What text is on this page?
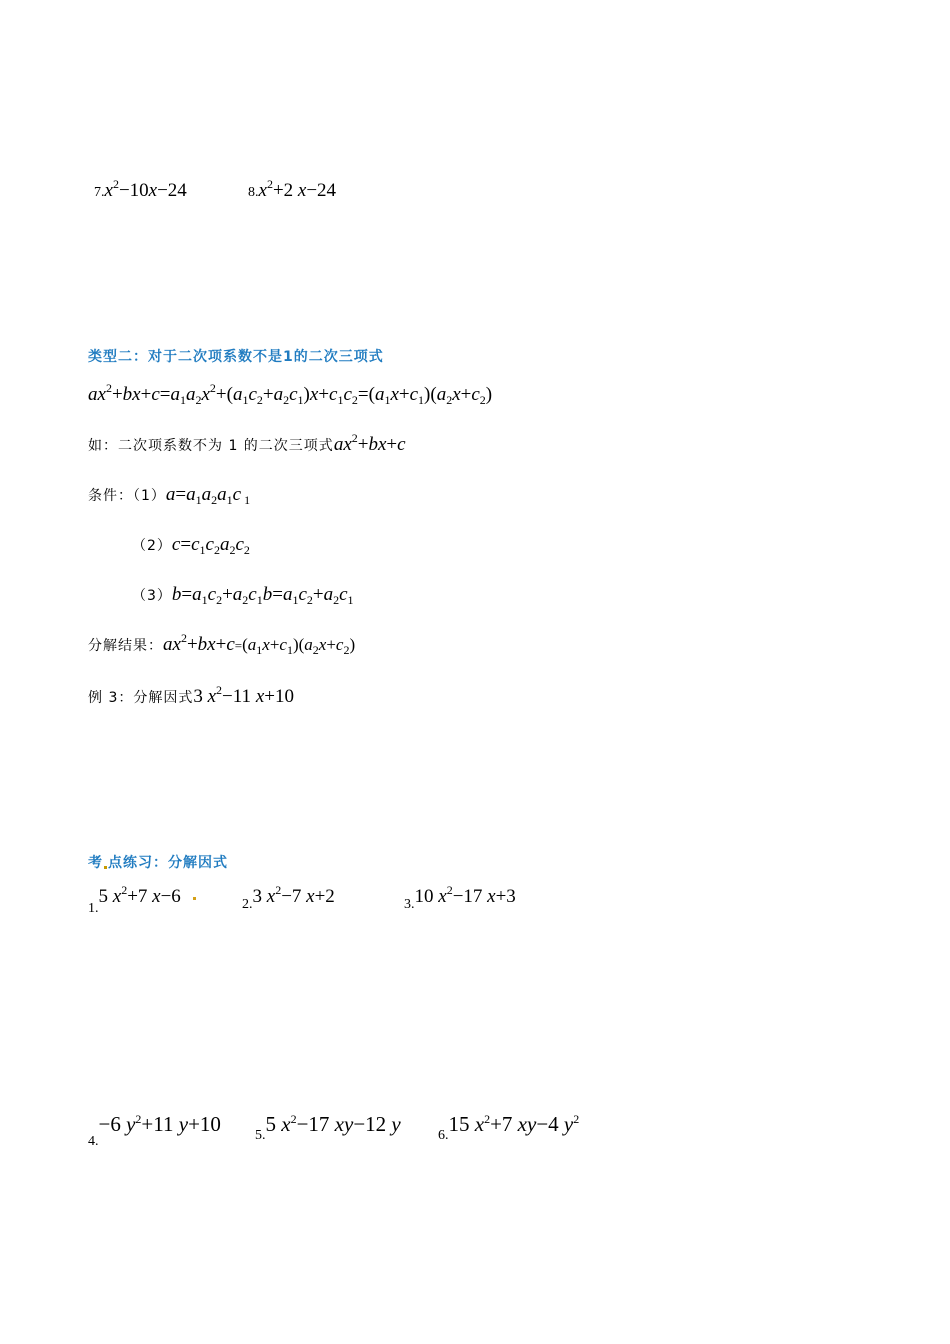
$7.x^2-10x-24$	$8.x^2+2$ x−24
类型二：对于二次项系数不是1的二次三项式
$ax^2+bx+c=a_1a_2x^2+(a_1c_2+a_2c_1)x+c_1c_2=(a_1x+c_1)(a_2x+c_2)$
如：二次项系数不为 1 的二次三项式$ax^2+bx+c$
条件：$(1)a=a_1a_2a_1c$ $_1$
$(2)c=c_1c_2a_2c_2$
$(3)b=a_1c_2+a_2c_1b=a_1c_2+a_2c_1$
分解结果：$ax^2+bx+c=(a_1x+c_1)(a_2x+c_2)$
例 3：分解因式3 $x^2-11$ x+10
考 点练习：分解因式
1.5 $x^2+7$ x−6	2.3 $x^2-7$ x+2	3.10 $x^2-17$ x+3
4.−6 $y^2+11$ y+10 5.5 $x^2-17$ xy−12 y	6.15 $x^2+7$ xy−4 $y^2$
